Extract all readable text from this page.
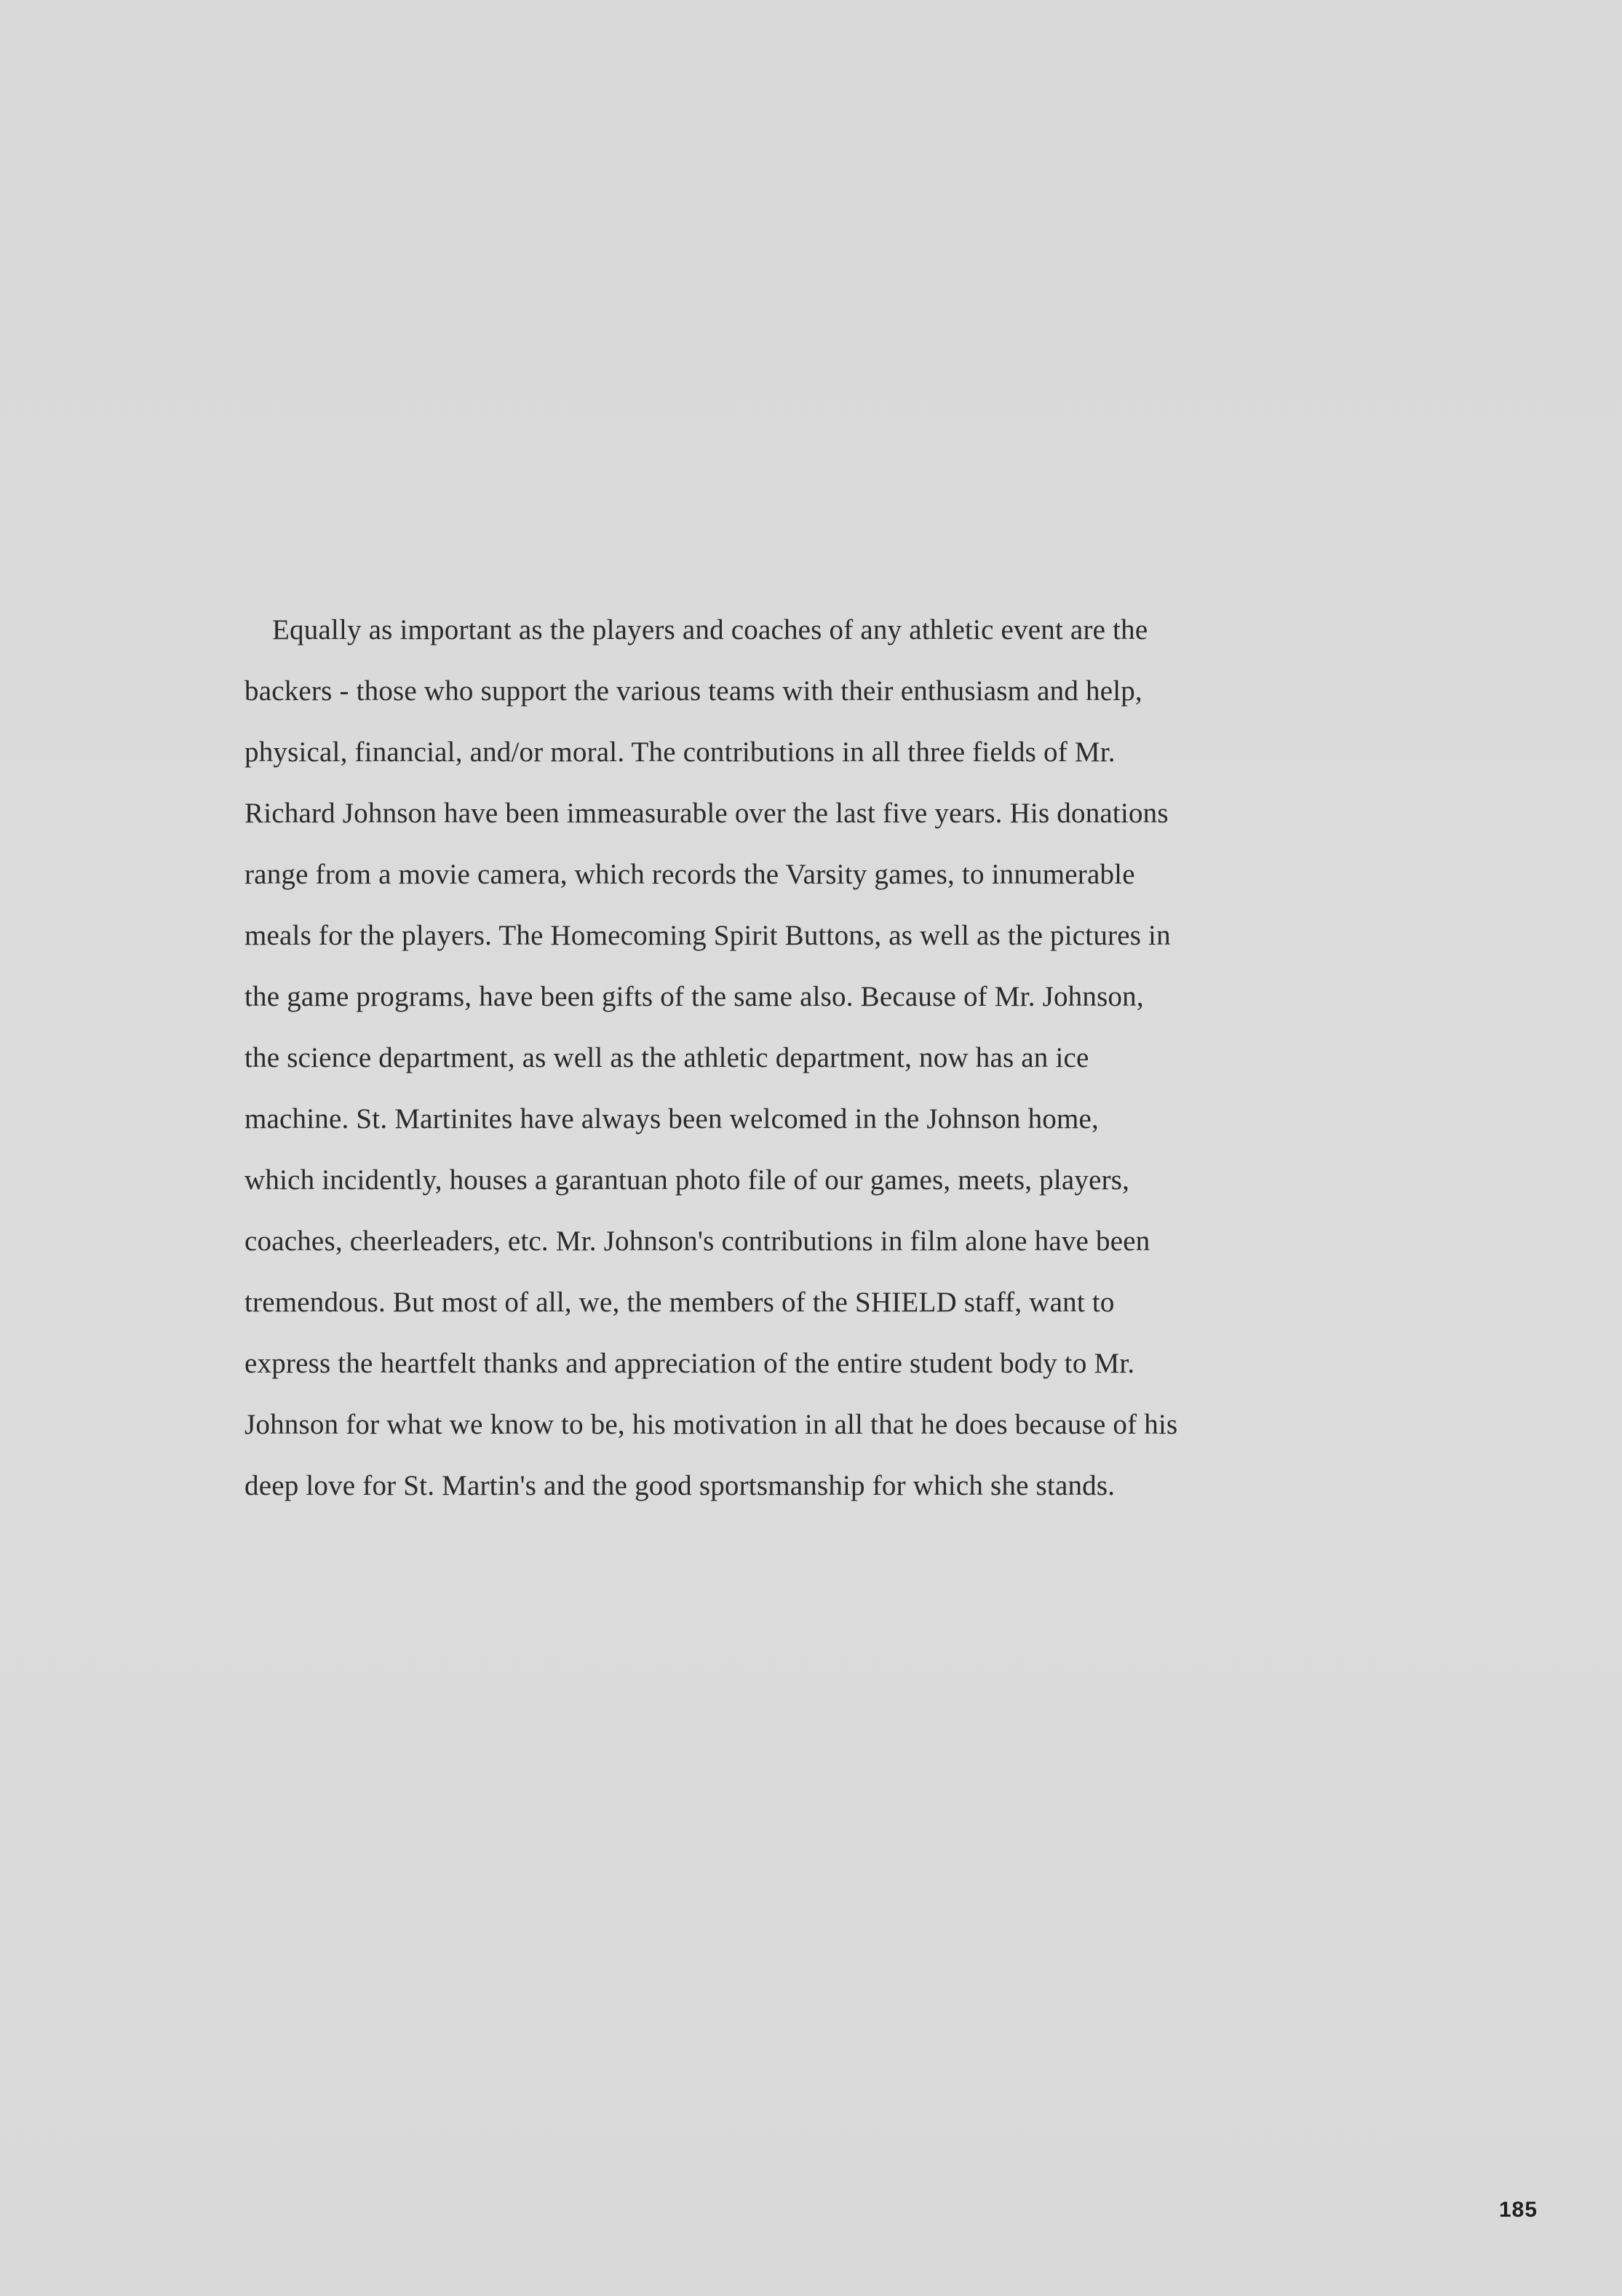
Equally as important as the players and coaches of any athletic event are the
backers - those who support the various teams with their enthusiasm and help,
physical, financial, and/or moral. The contributions in all three fields of Mr.
Richard Johnson have been immeasurable over the last five years. His donations
range from a movie camera, which records the Varsity games, to innumerable
meals for the players. The Homecoming Spirit Buttons, as well as the pictures in
the game programs, have been gifts of the same also. Because of Mr. Johnson,
the science department, as well as the athletic department, now has an ice
machine. St. Martinites have always been welcomed in the Johnson home,
which incidently, houses a garantuan photo file of our games, meets, players,
coaches, cheerleaders, etc. Mr. Johnson's contributions in film alone have been
tremendous. But most of all, we, the members of the SHIELD staff, want to
express the heartfelt thanks and appreciation of the entire student body to Mr.
Johnson for what we know to be, his motivation in all that he does because of his
deep love for St. Martin's and the good sportsmanship for which she stands.
185
